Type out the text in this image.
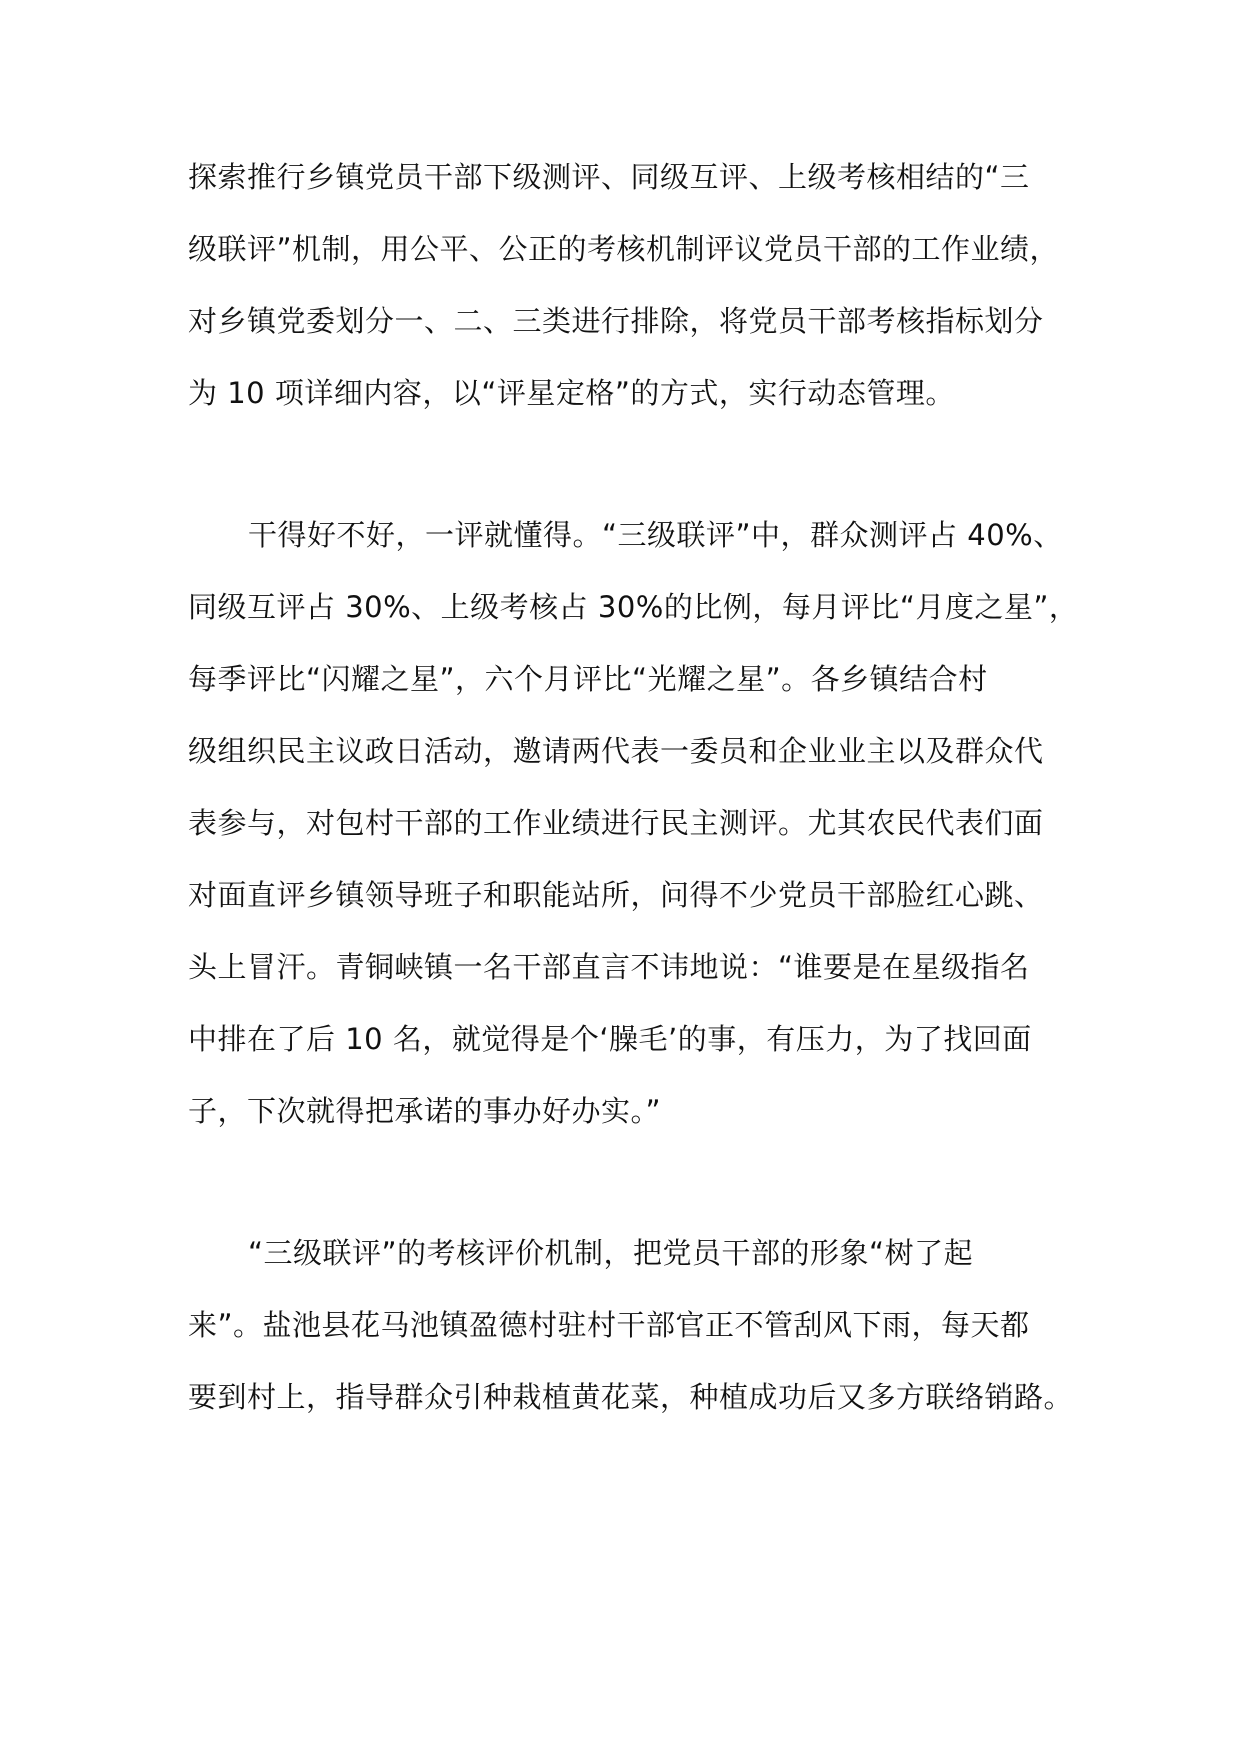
探索推行乡镇党员干部下级测评、同级互评、上级考核相结的“三
级联评”机制，用公平、公正的考核机制评议党员干部的工作业绩，
对乡镇党委划分一、二、三类进行排除，将党员干部考核指标划分
为 10 项详细内容，以“评星定格”的方式，实行动态管理。
干得好不好，一评就懂得。“三级联评”中，群众测评占 40%、
同级互评占 30%、上级考核占 30%的比例，每月评比“月度之星”，
每季评比“闪耀之星”，六个月评比“光耀之星”。各乡镇结合村
级组织民主议政日活动，邀请两代表一委员和企业业主以及群众代
表参与，对包村干部的工作业绩进行民主测评。尤其农民代表们面
对面直评乡镇领导班子和职能站所，问得不少党员干部脸红心跳、
头上冒汗。青铜峡镇一名干部直言不讳地说：“谁要是在星级指名
中排在了后 10 名，就觉得是个‘臊毛’的事，有压力，为了找回面
子，下次就得把承诺的事办好办实。”
“三级联评”的考核评价机制，把党员干部的形象“树了起
来”。盐池县花马池镇盈德村驻村干部官正不管刮风下雨，每天都
要到村上，指导群众引种栽植黄花菜，种植成功后又多方联络销路。
